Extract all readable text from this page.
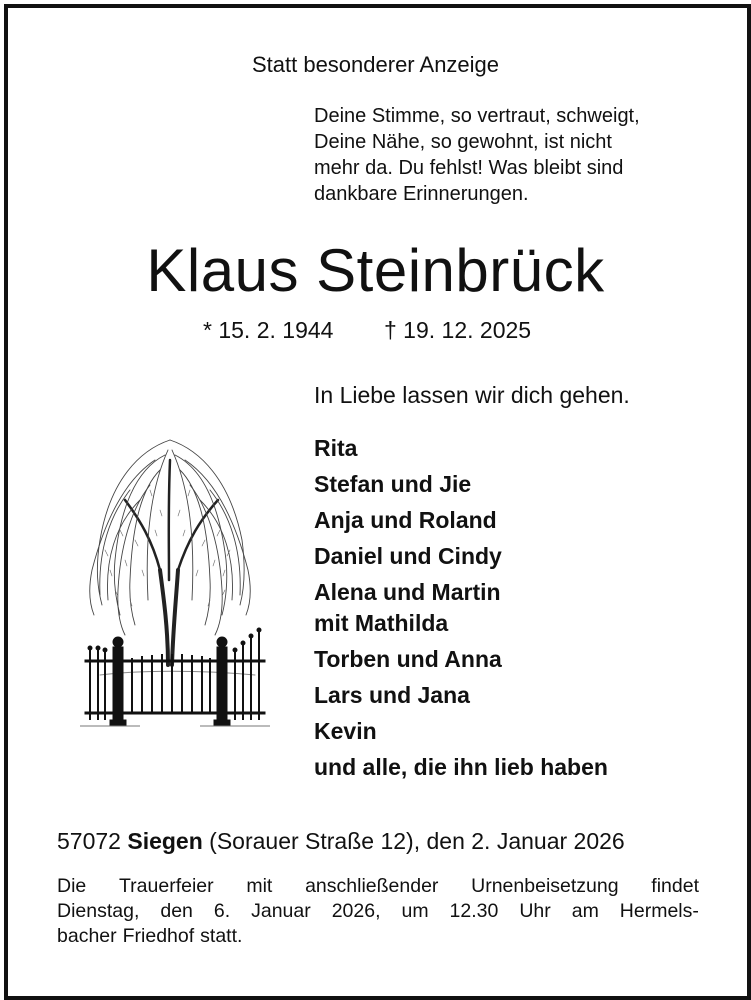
Statt besonderer Anzeige
Deine Stimme, so vertraut, schweigt,
Deine Nähe, so gewohnt, ist nicht
mehr da. Du fehlst! Was bleibt sind
dankbare Erinnerungen.
Klaus Steinbrück
* 15. 2. 1944 † 19. 12. 2025
In Liebe lassen wir dich gehen.
Rita
Stefan und Jie
Anja und Roland
Daniel und Cindy
Alena und Martin
mit Mathilda
Torben und Anna
Lars und Jana
Kevin
und alle, die ihn lieb haben
57072 Siegen (Sorauer Straße 12), den 2. Januar 2026
Die Trauerfeier mit anschließender Urnenbeisetzung findet
Dienstag, den 6. Januar 2026, um 12.30 Uhr am Hermels-
bacher Friedhof statt.
